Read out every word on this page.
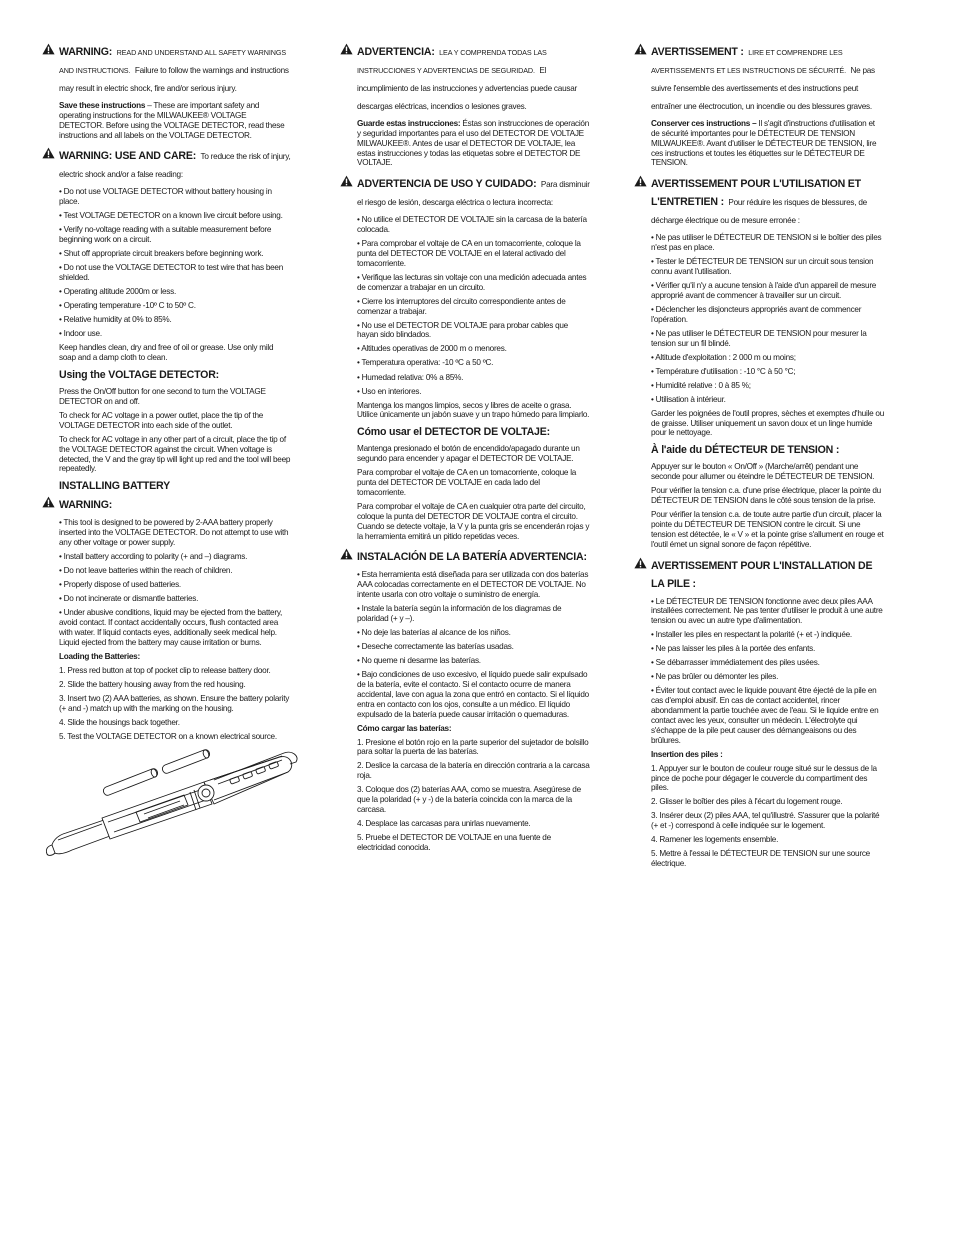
WARNING: READ AND UNDERSTAND ALL SAFETY WARNINGS AND INSTRUCTIONS. Failure to follow the warnings and instructions may result in electric shock, fire and/or serious injury.

Save these instructions – These are important safety and operating instructions for the MILWAUKEE® VOLTAGE DETECTOR. Before using the VOLTAGE DETECTOR, read these instructions and all labels on the VOLTAGE DETECTOR.

WARNING: USE AND CARE: To reduce the risk of injury, electric shock and/or a false reading:

• Do not use VOLTAGE DETECTOR without battery housing in place.

• Test VOLTAGE DETECTOR on a known live circuit before using.

• Verify no-voltage reading with a suitable measurement before beginning work on a circuit.

• Shut off appropriate circuit breakers before beginning work.

• Do not use the VOLTAGE DETECTOR to test wire that has been shielded.

• Operating altitude 2000m or less.

• Operating temperature -10º C to 50º C.

• Relative humidity at 0% to 85%.

• Indoor use.

Keep handles clean, dry and free of oil or grease. Use only mild soap and a damp cloth to clean.

Using the VOLTAGE DETECTOR:

Press the On/Off button for one second to turn the VOLTAGE DETECTOR on and off.

To check for AC voltage in a power outlet, place the tip of the VOLTAGE DETECTOR into each side of the outlet.

To check for AC voltage in any other part of a circuit, place the tip of the VOLTAGE DETECTOR against the circuit. When voltage is detected, the V and the gray tip will light up red and the tool will beep repeatedly.

INSTALLING BATTERY
WARNING:

• This tool is designed to be powered by 2-AAA battery properly inserted into the VOLTAGE DETECTOR. Do not attempt to use with any other voltage or power supply.

• Install battery according to polarity (+ and –) diagrams.

• Do not leave batteries within the reach of children.

• Properly dispose of used batteries.

• Do not incinerate or dismantle batteries.

• Under abusive conditions, liquid may be ejected from the battery, avoid contact. If contact accidentally occurs, flush contacted area with water. If liquid contacts eyes, additionally seek medical help. Liquid ejected from the battery may cause irritation or burns.

Loading the Batteries:

1. Press red button at top of pocket clip to release battery door.

2. Slide the battery housing away from the red housing.

3. Insert two (2) AAA batteries, as shown. Ensure the battery polarity (+ and -) match up with the marking on the housing.

4. Slide the housings back together.

5. Test the VOLTAGE DETECTOR on a known electrical source.

ADVERTENCIA: LEA Y COMPRENDA TODAS LAS INSTRUCCIONES Y ADVERTENCIAS DE SEGURIDAD. El incumplimiento de las instrucciones y advertencias puede causar descargas eléctricas, incendios o lesiones graves.

Guarde estas instrucciones: Éstas son instrucciones de operación y seguridad importantes para el uso del DETECTOR DE VOLTAJE MILWAUKEE®. Antes de usar el DETECTOR DE VOLTAJE, lea estas instrucciones y todas las etiquetas sobre el DETECTOR DE VOLTAJE.

ADVERTENCIA DE USO Y CUIDADO: Para disminuir el riesgo de lesión, descarga eléctrica o lectura incorrecta:

• No utilice el DETECTOR DE VOLTAJE sin la carcasa de la batería colocada.

• Para comprobar el voltaje de CA en un tomacorriente, coloque la punta del DETECTOR DE VOLTAJE en el lateral activado del tomacorriente.

• Verifique las lecturas sin voltaje con una medición adecuada antes de comenzar a trabajar en un circuito.

• Cierre los interruptores del circuito correspondiente antes de comenzar a trabajar.

• No use el DETECTOR DE VOLTAJE para probar cables que hayan sido blindados.

• Altitudes operativas de 2000 m o menores.

• Temperatura operativa: -10 ºC a 50 ºC.

• Humedad relativa: 0% a 85%.

• Uso en interiores.

Mantenga los mangos limpios, secos y libres de aceite o grasa. Utilice únicamente un jabón suave y un trapo húmedo para limpiarlo.

Cómo usar el DETECTOR DE VOLTAJE:

Mantenga presionado el botón de encendido/apagado durante un segundo para encender y apagar el DETECTOR DE VOLTAJE.

Para comprobar el voltaje de CA en un tomacorriente, coloque la punta del DETECTOR DE VOLTAJE en cada lado del tomacorriente.

Para comprobar el voltaje de CA en cualquier otra parte del circuito, coloque la punta del DETECTOR DE VOLTAJE contra el circuito. Cuando se detecte voltaje, la V y la punta gris se encenderán rojas y la herramienta emitirá un pitido repetidas veces.

INSTALACIÓN DE LA BATERÍA ADVERTENCIA:

• Esta herramienta está diseñada para ser utilizada con dos baterías AAA colocadas correctamente en el DETECTOR DE VOLTAJE. No intente usarla con otro voltaje o suministro de energía.

• Instale la batería según la información de los diagramas de polaridad (+ y –).

• No deje las baterías al alcance de los niños.

• Deseche correctamente las baterías usadas.

• No queme ni desarme las baterías.

• Bajo condiciones de uso excesivo, el líquido puede salir expulsado de la batería, evite el contacto. Si el contacto ocurre de manera accidental, lave con agua la zona que entró en contacto. Si el líquido entra en contacto con los ojos, consulte a un médico. El líquido expulsado de la batería puede causar irritación o quemaduras.

Cómo cargar las baterías:

1. Presione el botón rojo en la parte superior del sujetador de bolsillo para soltar la puerta de las baterías.

2. Deslice la carcasa de la batería en dirección contraria a la carcasa roja.

3. Coloque dos (2) baterías AAA, como se muestra. Asegúrese de que la polaridad (+ y -) de la batería coincida con la marca de la carcasa.

4. Desplace las carcasas para unirlas nuevamente.

5. Pruebe el DETECTOR DE VOLTAJE en una fuente de electricidad conocida.

AVERTISSEMENT : LIRE ET COMPRENDRE LES AVERTISSEMENTS ET LES INSTRUCTIONS DE SÉCURITÉ. Ne pas suivre l'ensemble des avertissements et des instructions peut entraîner une électrocution, un incendie ou des blessures graves.

Conserver ces instructions – Il s'agit d'instructions d'utilisation et de sécurité importantes pour le DÉTECTEUR DE TENSION MILWAUKEE®. Avant d'utiliser le DÉTECTEUR DE TENSION, lire ces instructions et toutes les étiquettes sur le DÉTECTEUR DE TENSION.

AVERTISSEMENT POUR L'UTILISATION ET L'ENTRETIEN : Pour réduire les risques de blessures, de décharge électrique ou de mesure erronée :

• Ne pas utiliser le DÉTECTEUR DE TENSION si le boîtier des piles n'est pas en place.

• Tester le DÉTECTEUR DE TENSION sur un circuit sous tension connu avant l'utilisation.

• Vérifier qu'il n'y a aucune tension à l'aide d'un appareil de mesure approprié avant de commencer à travailler sur un circuit.

• Déclencher les disjoncteurs appropriés avant de commencer l'opération.

• Ne pas utiliser le DÉTECTEUR DE TENSION pour mesurer la tension sur un fil blindé.

• Altitude d'exploitation : 2 000 m ou moins;

• Température d'utilisation : -10 °C à 50 °C;

• Humidité relative : 0 à 85 %;

• Utilisation à intérieur.

Garder les poignées de l'outil propres, sèches et exemptes d'huile ou de graisse. Utiliser uniquement un savon doux et un linge humide pour le nettoyage.

À l'aide du DÉTECTEUR DE TENSION :

Appuyer sur le bouton « On/Off » (Marche/arrêt) pendant une seconde pour allumer ou éteindre le DÉTECTEUR DE TENSION.

Pour vérifier la tension c.a. d'une prise électrique, placer la pointe du DÉTECTEUR DE TENSION dans le côté sous tension de la prise.

Pour vérifier la tension c.a. de toute autre partie d'un circuit, placer la pointe du DÉTECTEUR DE TENSION contre le circuit. Si une tension est détectée, le « V » et la pointe grise s'allument en rouge et l'outil émet un signal sonore de façon répétitive.

AVERTISSEMENT POUR L'INSTALLATION DE LA PILE :

• Le DÉTECTEUR DE TENSION fonctionne avec deux piles AAA installées correctement. Ne pas tenter d'utiliser le produit à une autre tension ou avec un autre type d'alimentation.

• Installer les piles en respectant la polarité (+ et -) indiquée.

• Ne pas laisser les piles à la portée des enfants.

• Se débarrasser immédiatement des piles usées.

• Ne pas brûler ou démonter les piles.

• Éviter tout contact avec le liquide pouvant être éjecté de la pile en cas d'emploi abusif. En cas de contact accidentel, rincer abondamment la partie touchée avec de l'eau. Si le liquide entre en contact avec les yeux, consulter un médecin. L'électrolyte qui s'échappe de la pile peut causer des démangeaisons ou des brûlures.

Insertion des piles :

1. Appuyer sur le bouton de couleur rouge situé sur le dessus de la pince de poche pour dégager le couvercle du compartiment des piles.

2. Glisser le boîtier des piles à l'écart du logement rouge.

3. Insérer deux (2) piles AAA, tel qu'illustré. S'assurer que la polarité (+ et -) correspond à celle indiquée sur le logement.

4. Ramener les logements ensemble.

5. Mettre à l'essai le DÉTECTEUR DE TENSION sur une source électrique.
